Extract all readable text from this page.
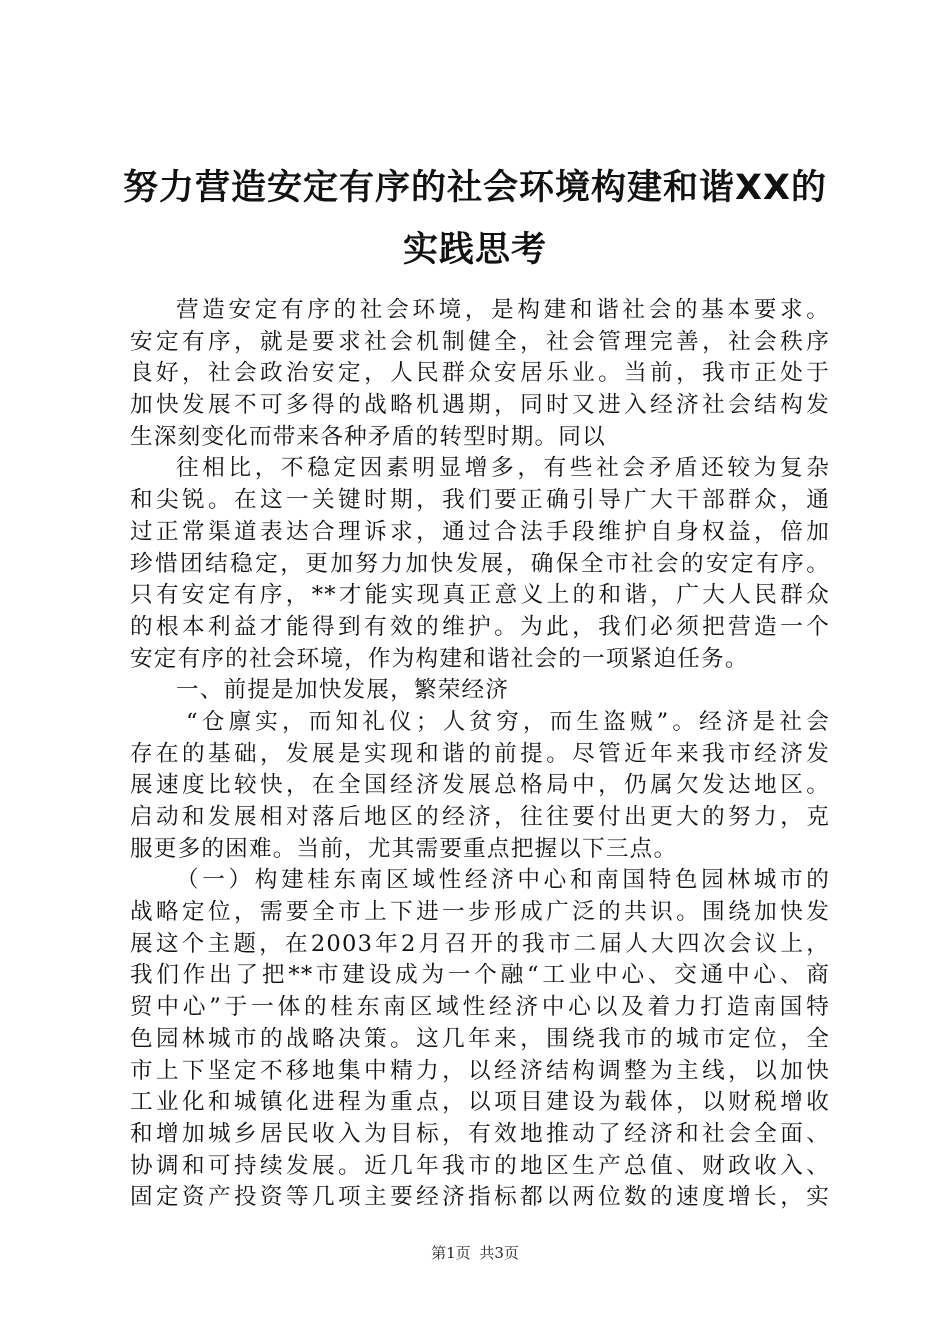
努力营造安定有序的社会环境构建和谐XX的
实践思考
营造安定有序的社会环境，是构建和谐社会的基本要求。
安定有序，就是要求社会机制健全，社会管理完善，社会秩序
良好，社会政治安定，人民群众安居乐业。当前，我市正处于
加快发展不可多得的战略机遇期，同时又进入经济社会结构发
生深刻变化而带来各种矛盾的转型时期。同以
往相比，不稳定因素明显增多，有些社会矛盾还较为复杂
和尖锐。在这一关键时期，我们要正确引导广大干部群众，通
过正常渠道表达合理诉求，通过合法手段维护自身权益，倍加
珍惜团结稳定，更加努力加快发展，确保全市社会的安定有序。
只有安定有序，**才能实现真正意义上的和谐，广大人民群众
的根本利益才能得到有效的维护。为此，我们必须把营造一个
安定有序的社会环境，作为构建和谐社会的一项紧迫任务。
一、前提是加快发展，繁荣经济
“仓廪实，而知礼仪；人贫穷，而生盗贼”。经济是社会
存在的基础，发展是实现和谐的前提。尽管近年来我市经济发
展速度比较快，在全国经济发展总格局中，仍属欠发达地区。
启动和发展相对落后地区的经济，往往要付出更大的努力，克
服更多的困难。当前，尤其需要重点把握以下三点。
（一）构建桂东南区域性经济中心和南国特色园林城市的
战略定位，需要全市上下进一步形成广泛的共识。围绕加快发
展这个主题，在2003年2月召开的我市二届人大四次会议上，
我们作出了把**市建设成为一个融“工业中心、交通中心、商
贸中心”于一体的桂东南区域性经济中心以及着力打造南国特
色园林城市的战略决策。这几年来，围绕我市的城市定位，全
市上下坚定不移地集中精力，以经济结构调整为主线，以加快
工业化和城镇化进程为重点，以项目建设为载体，以财税增收
和增加城乡居民收入为目标，有效地推动了经济和社会全面、
协调和可持续发展。近几年我市的地区生产总值、财政收入、
固定资产投资等几项主要经济指标都以两位数的速度增长，实
第1页 共3页
